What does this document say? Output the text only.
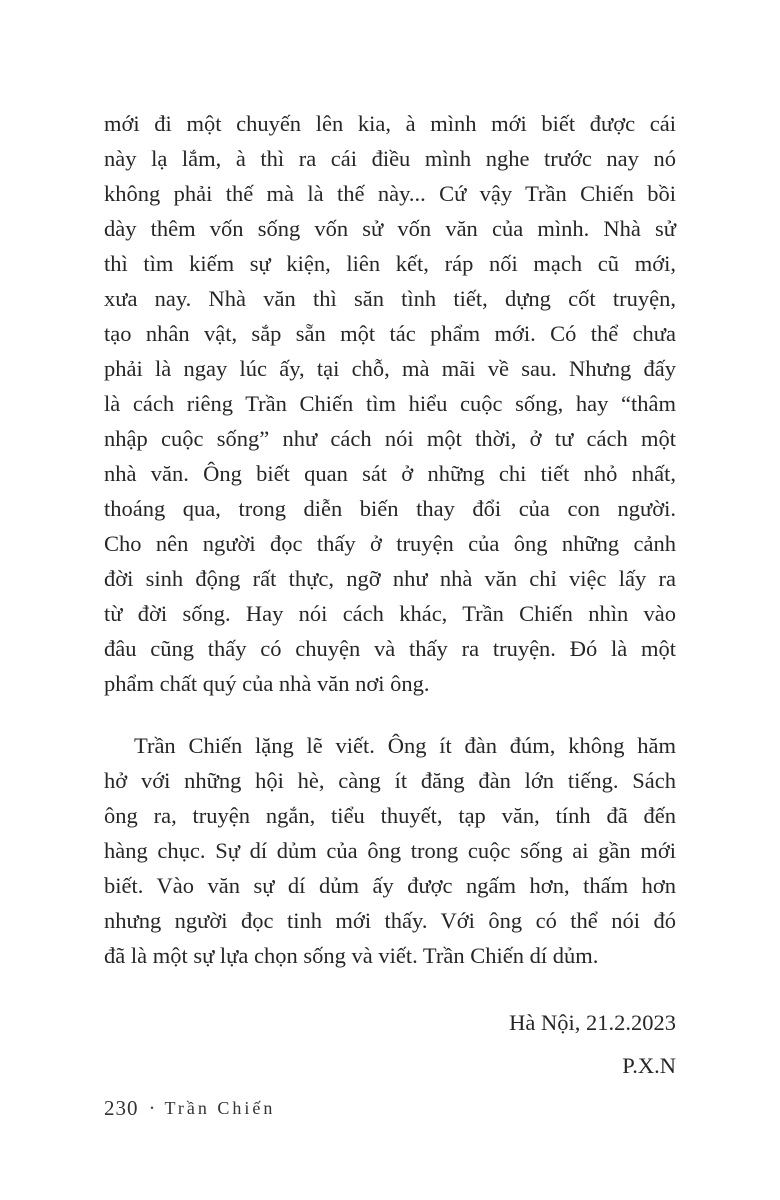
mới đi một chuyến lên kia, à mình mới biết được cái
này lạ lắm, à thì ra cái điều mình nghe trước nay nó
không phải thế mà là thế này... Cứ vậy Trần Chiến bồi
dày thêm vốn sống vốn sử vốn văn của mình. Nhà sử
thì tìm kiếm sự kiện, liên kết, ráp nối mạch cũ mới,
xưa nay. Nhà văn thì săn tình tiết, dựng cốt truyện,
tạo nhân vật, sắp sẵn một tác phẩm mới. Có thể chưa
phải là ngay lúc ấy, tại chỗ, mà mãi về sau. Nhưng đấy
là cách riêng Trần Chiến tìm hiểu cuộc sống, hay “thâm
nhập cuộc sống” như cách nói một thời, ở tư cách một
nhà văn. Ông biết quan sát ở những chi tiết nhỏ nhất,
thoáng qua, trong diễn biến thay đổi của con người.
Cho nên người đọc thấy ở truyện của ông những cảnh
đời sinh động rất thực, ngỡ như nhà văn chỉ việc lấy ra
từ đời sống. Hay nói cách khác, Trần Chiến nhìn vào
đâu cũng thấy có chuyện và thấy ra truyện. Đó là một
phẩm chất quý của nhà văn nơi ông.
Trần Chiến lặng lẽ viết. Ông ít đàn đúm, không hăm
hở với những hội hè, càng ít đăng đàn lớn tiếng. Sách
ông ra, truyện ngắn, tiểu thuyết, tạp văn, tính đã đến
hàng chục. Sự dí dủm của ông trong cuộc sống ai gần mới
biết. Vào văn sự dí dủm ấy được ngấm hơn, thấm hơn
nhưng người đọc tinh mới thấy. Với ông có thể nói đó
đã là một sự lựa chọn sống và viết. Trần Chiến dí dủm.
Hà Nội, 21.2.2023
P.X.N
230 · Trần Chiến
